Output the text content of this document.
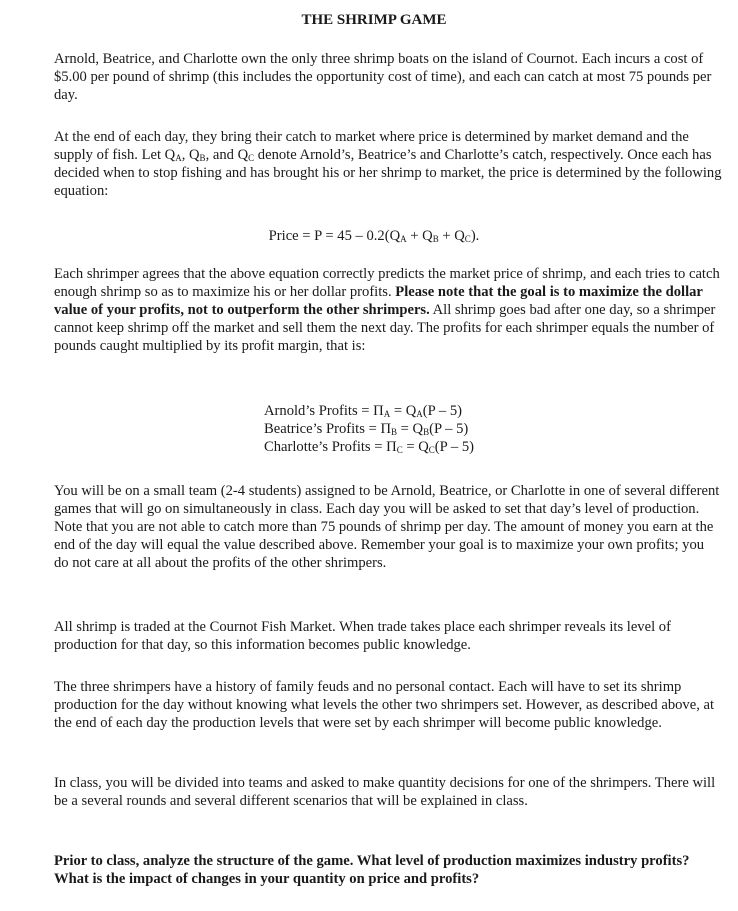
THE SHRIMP GAME

Arnold, Beatrice, and Charlotte own the only three shrimp boats on the island of Cournot. Each incurs a cost of $5.00 per pound of shrimp (this includes the opportunity cost of time), and each can catch at most 75 pounds per day.

At the end of each day, they bring their catch to market where price is determined by market demand and the supply of fish. Let $Q_A$, $Q_B$, and $Q_C$ denote Arnold’s, Beatrice’s and Charlotte’s catch, respectively. Once each has decided when to stop fishing and has brought his or her shrimp to market, the price is determined by the following equation:

Price = $P = 45 - 0.2(Q_A + Q_B + Q_C)$.

Each shrimper agrees that the above equation correctly predicts the market price of shrimp, and each tries to catch enough shrimp so as to maximize his or her dollar profits. Please note that the goal is to maximize the dollar value of your profits, not to outperform the other shrimpers. All shrimp goes bad after one day, so a shrimper cannot keep shrimp off the market and sell them the next day. The profits for each shrimper equals the number of pounds caught multiplied by its profit margin, that is:

Arnold’s Profits = $\Pi_A = Q_A(P - 5)$
Beatrice’s Profits = $\Pi_B = Q_B(P - 5)$
Charlotte’s Profits = $\Pi_C = Q_C(P - 5)$

You will be on a small team (2-4 students) assigned to be Arnold, Beatrice, or Charlotte in one of several different games that will go on simultaneously in class. Each day you will be asked to set that day’s level of production. Note that you are not able to catch more than 75 pounds of shrimp per day. The amount of money you earn at the end of the day will equal the value described above. Remember your goal is to maximize your own profits; you do not care at all about the profits of the other shrimpers.

All shrimp is traded at the Cournot Fish Market. When trade takes place each shrimper reveals its level of production for that day, so this information becomes public knowledge.

The three shrimpers have a history of family feuds and no personal contact. Each will have to set its shrimp production for the day without knowing what levels the other two shrimpers set. However, as described above, at the end of each day the production levels that were set by each shrimper will become public knowledge.

In class, you will be divided into teams and asked to make quantity decisions for one of the shrimpers. There will be a several rounds and several different scenarios that will be explained in class.

Prior to class, analyze the structure of the game. What level of production maximizes industry profits? What is the impact of changes in your quantity on price and profits?
